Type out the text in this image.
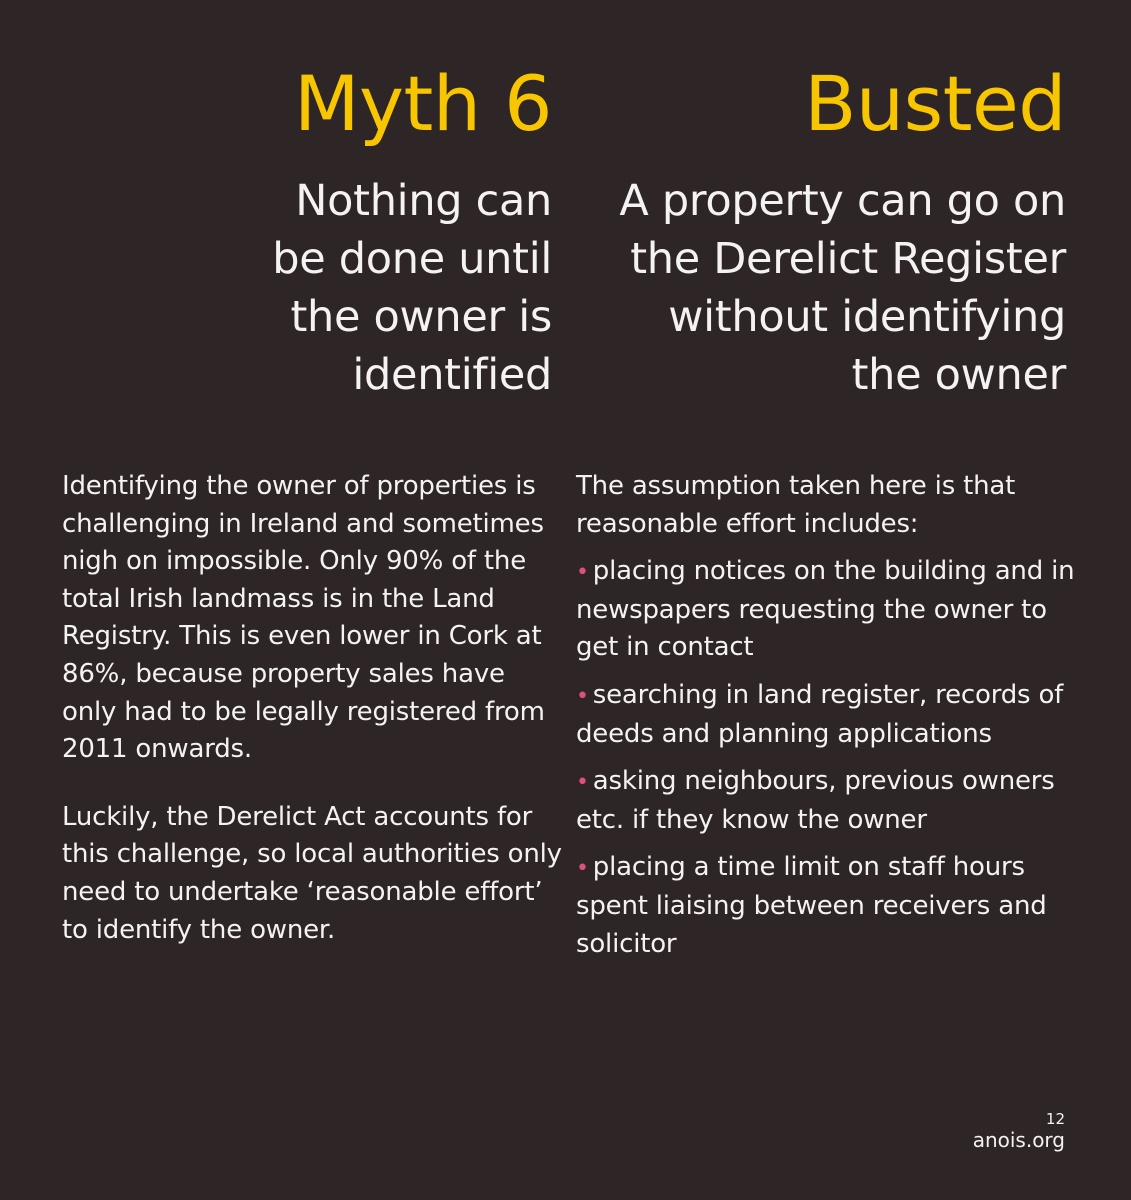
Myth 6	Busted
Nothing can
be done until
the owner is
identified
A property can go on
the Derelict Register
without identifying
the owner

Identifying the owner of properties is challenging in Ireland and sometimes nigh on impossible. Only 90% of the total Irish landmass is in the Land Registry. This is even lower in Cork at 86%, because property sales have only had to be legally registered from 2011 onwards.

Luckily, the Derelict Act accounts for this challenge, so local authorities only need to undertake ‘reasonable effort’ to identify the owner.

The assumption taken here is that reasonable effort includes:

• placing notices on the building and in newspapers requesting the owner to get in contact
• searching in land register, records of deeds and planning applications
• asking neighbours, previous owners etc. if they know the owner
• placing a time limit on staff hours spent liaising between receivers and solicitor
12
anois.org
